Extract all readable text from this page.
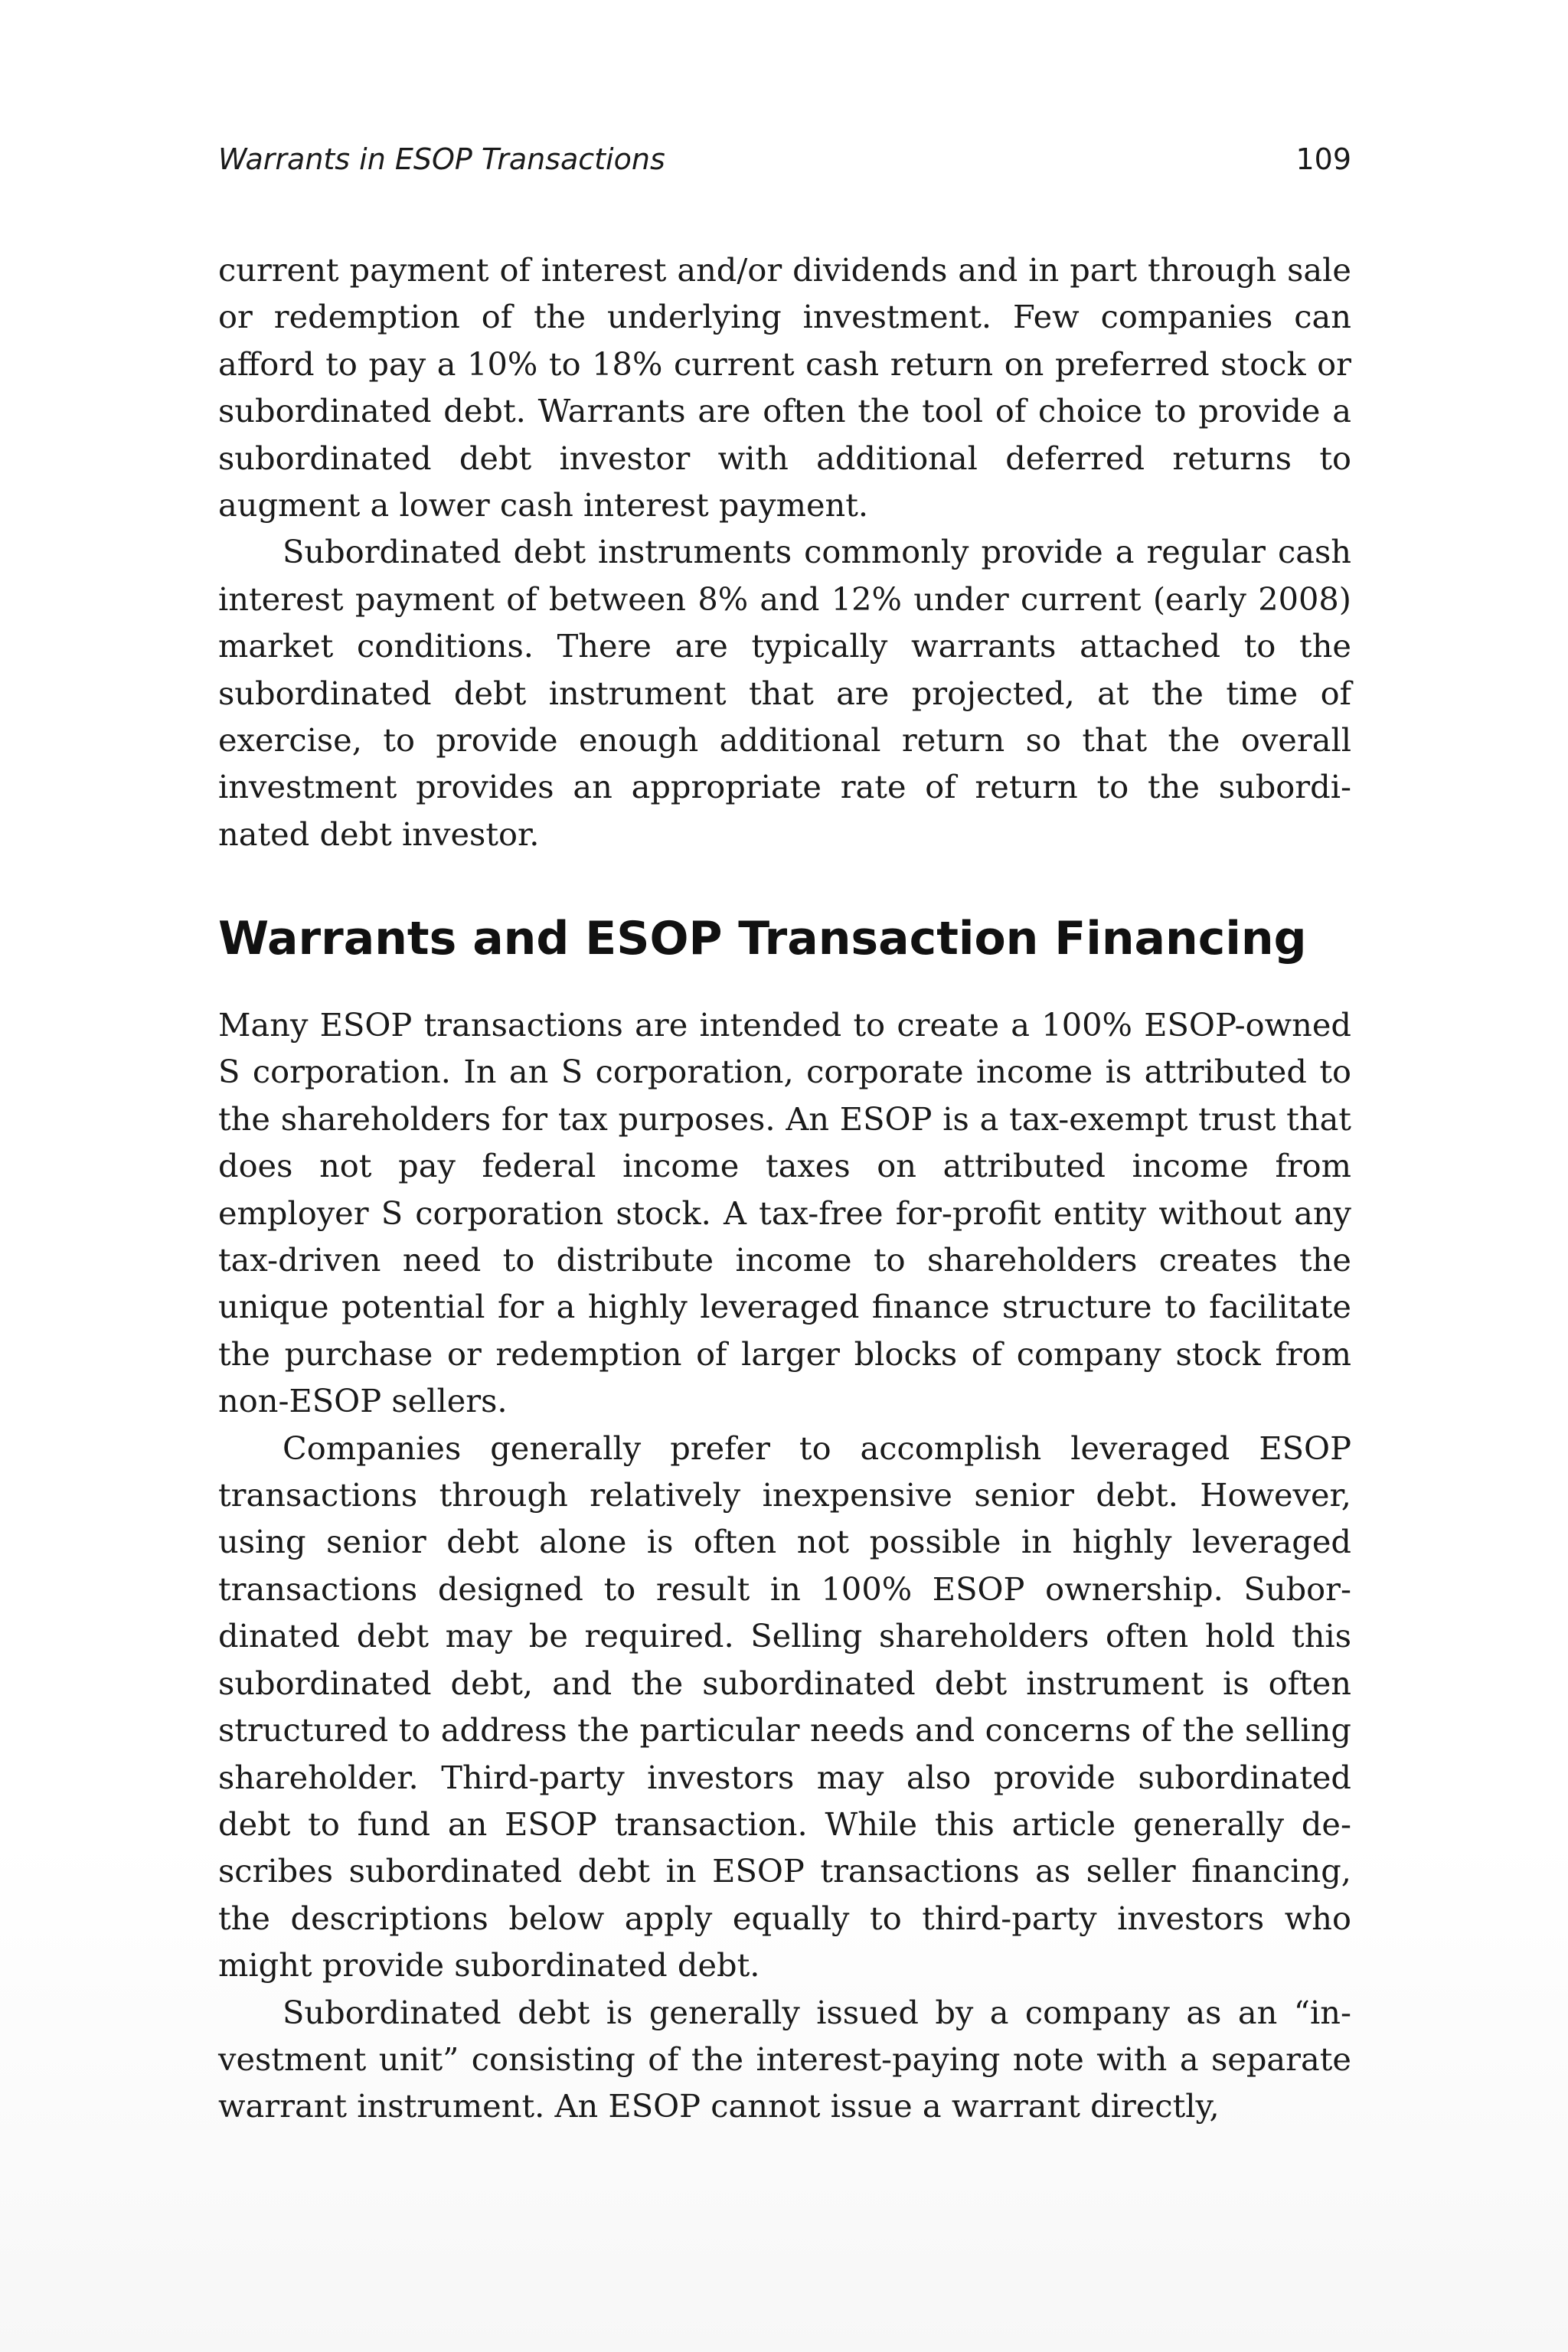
Warrants in ESOP Transactions	109

current payment of interest and/or dividends and in part through sale or redemption of the underlying investment. Few companies can afford to pay a 10% to 18% current cash return on preferred stock or subordinated debt. Warrants are often the tool of choice to provide a subordinated debt investor with additional deferred returns to augment a lower cash interest payment.

Subordinated debt instruments commonly provide a regular cash interest payment of between 8% and 12% under current (early 2008) market conditions. There are typically warrants attached to the subordinated debt instrument that are projected, at the time of exercise, to provide enough additional return so that the overall investment provides an appropriate rate of return to the subordinated debt investor.

Warrants and ESOP Transaction Financing

Many ESOP transactions are intended to create a 100% ESOP-owned S corporation. In an S corporation, corporate income is attributed to the shareholders for tax purposes. An ESOP is a tax-exempt trust that does not pay federal income taxes on attributed income from employer S corporation stock. A tax-free for-profit entity without any tax-driven need to distribute income to shareholders creates the unique potential for a highly leveraged finance structure to facilitate the purchase or redemption of larger blocks of company stock from non-ESOP sellers.

Companies generally prefer to accomplish leveraged ESOP transactions through relatively inexpensive senior debt. However, using senior debt alone is often not possible in highly leveraged transactions designed to result in 100% ESOP ownership. Subordinated debt may be required. Selling shareholders often hold this subordinated debt, and the subordinated debt instrument is often structured to address the particular needs and concerns of the selling shareholder. Third-party investors may also provide subordinated debt to fund an ESOP transaction. While this article generally describes subordinated debt in ESOP transactions as seller financing, the descriptions below apply equally to third-party investors who might provide subordinated debt.

Subordinated debt is generally issued by a company as an “investment unit” consisting of the interest-paying note with a separate warrant instrument. An ESOP cannot issue a warrant directly,
